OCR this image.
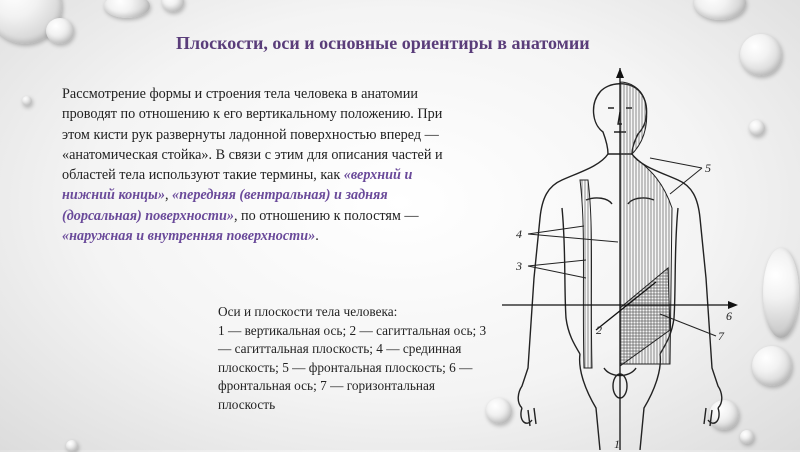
Плоскости, оси и основные ориентиры в анатомии

Рассмотрение формы и строения тела человека в анатомии проводят по отношению к его вертикальному положению. При этом кисти рук развернуты ладонной поверхностью вперед — «анатомическая стойка». В связи с этим для описания частей и областей тела используют такие термины, как «верхний и нижний концы», «передняя (вентральная) и задняя (дорсальная) поверхности», по отношению к полостям — «наружная и внутренняя поверхности».

Оси и плоскости тела человека:
1 — вертикальная ось; 2 — сагиттальная ось; 3 — сагиттальная плоскость; 4 — срединная плоскость; 5 — фронтальная плоскость; 6 — фронтальная ось; 7 — горизонтальная плоскость
1
2
3
4
5
6
7
